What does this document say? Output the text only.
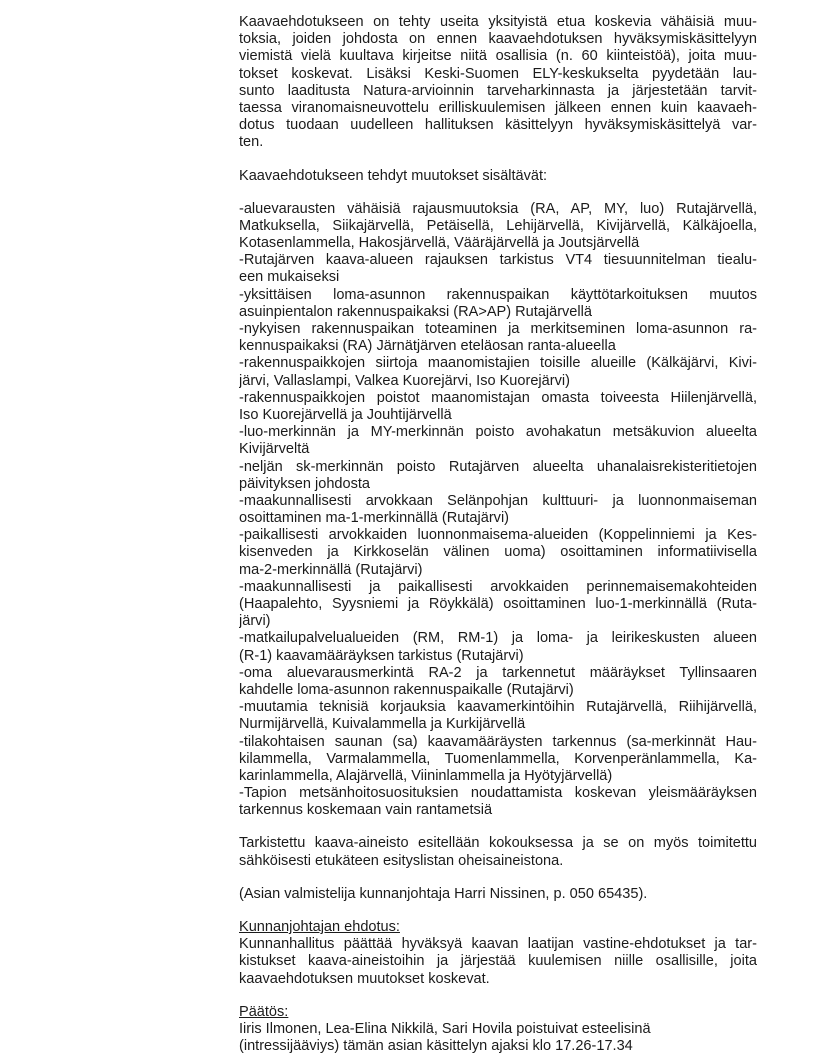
Kaavaehdotukseen on tehty useita yksityistä etua koskevia vähäisiä muu-
toksia, joiden johdosta on ennen kaavaehdotuksen hyväksymiskäsittelyyn
viemistä vielä kuultava kirjeitse niitä osallisia (n. 60 kiinteistöä), joita muu-
tokset koskevat. Lisäksi Keski-Suomen ELY-keskukselta pyydetään lau-
sunto laaditusta Natura-arvioinnin tarveharkinnasta ja järjestetään tarvit-
taessa viranomaisneuvottelu erilliskuulemisen jälkeen ennen kuin kaavaeh-
dotus tuodaan uudelleen hallituksen käsittelyyn hyväksymiskäsittelyä var-
ten.
Kaavaehdotukseen tehdyt muutokset sisältävät:
-aluevarausten vähäisiä rajausmuutoksia (RA, AP, MY, luo) Rutajärvellä,
Matkuksella, Siikajärvellä, Petäisellä, Lehijärvellä, Kivijärvellä, Kälkäjoella,
Kotasenlammella, Hakosjärvellä, Vääräjärvellä ja Joutsjärvellä
-Rutajärven kaava-alueen rajauksen tarkistus VT4 tiesuunnitelman tiealu-
een mukaiseksi
-yksittäisen loma-asunnon rakennuspaikan käyttötarkoituksen muutos
asuinpientalon rakennuspaikaksi (RA>AP) Rutajärvellä
-nykyisen rakennuspaikan toteaminen ja merkitseminen loma-asunnon ra-
kennuspaikaksi (RA) Järnätjärven eteläosan ranta-alueella
-rakennuspaikkojen siirtoja maanomistajien toisille alueille (Kälkäjärvi, Kivi-
järvi, Vallaslampi, Valkea Kuorejärvi, Iso Kuorejärvi)
-rakennuspaikkojen poistot maanomistajan omasta toiveesta Hiilenjärvellä,
Iso Kuorejärvellä ja Jouhtijärvellä
-luo-merkinnän ja MY-merkinnän poisto avohakatun metsäkuvion alueelta
Kivijärveltä
-neljän sk-merkinnän poisto Rutajärven alueelta uhanalaisrekisteritietojen
päivityksen johdosta
-maakunnallisesti arvokkaan Selänpohjan kulttuuri- ja luonnonmaiseman
osoittaminen ma-1-merkinnällä (Rutajärvi)
-paikallisesti arvokkaiden luonnonmaisema-alueiden (Koppelinniemi ja Kes-
kisenveden ja Kirkkoselän välinen uoma) osoittaminen informatiivisella
ma-2-merkinnällä (Rutajärvi)
-maakunnallisesti ja paikallisesti arvokkaiden perinnemaisemakohteiden
(Haapalehto, Syysniemi ja Röykkälä) osoittaminen luo-1-merkinnällä (Ruta-
järvi)
-matkailupalvelualueiden (RM, RM-1) ja loma- ja leirikeskusten alueen
(R-1) kaavamääräyksen tarkistus (Rutajärvi)
-oma aluevarausmerkintä RA-2 ja tarkennetut määräykset Tyllinsaaren
kahdelle loma-asunnon rakennuspaikalle (Rutajärvi)
-muutamia teknisiä korjauksia kaavamerkintöihin Rutajärvellä, Riihijärvellä,
Nurmijärvellä, Kuivalammella ja Kurkijärvellä
-tilakohtaisen saunan (sa) kaavamääräysten tarkennus (sa-merkinnät Hau-
kilammella, Varmalammella, Tuomenlammella, Korvenperänlammella, Ka-
karinlammella, Alajärvellä, Viininlammella ja Hyötyjärvellä)
-Tapion metsänhoitosuosituksien noudattamista koskevan yleismääräyksen
tarkennus koskemaan vain rantametsiä
Tarkistettu kaava-aineisto esitellään kokouksessa ja se on myös toimitettu
sähköisesti etukäteen esityslistan oheisaineistona.
(Asian valmistelija kunnanjohtaja Harri Nissinen, p. 050 65435).
Kunnanjohtajan ehdotus:
Kunnanhallitus päättää hyväksyä kaavan laatijan vastine-ehdotukset ja tar-
kistukset kaava-aineistoihin ja järjestää kuulemisen niille osallisille, joita
kaavaehdotuksen muutokset koskevat.
Päätös:
Iiris Ilmonen, Lea-Elina Nikkilä, Sari Hovila poistuivat esteelisinä
(intressijääviys) tämän asian käsittelyn ajaksi klo 17.26-17.34
